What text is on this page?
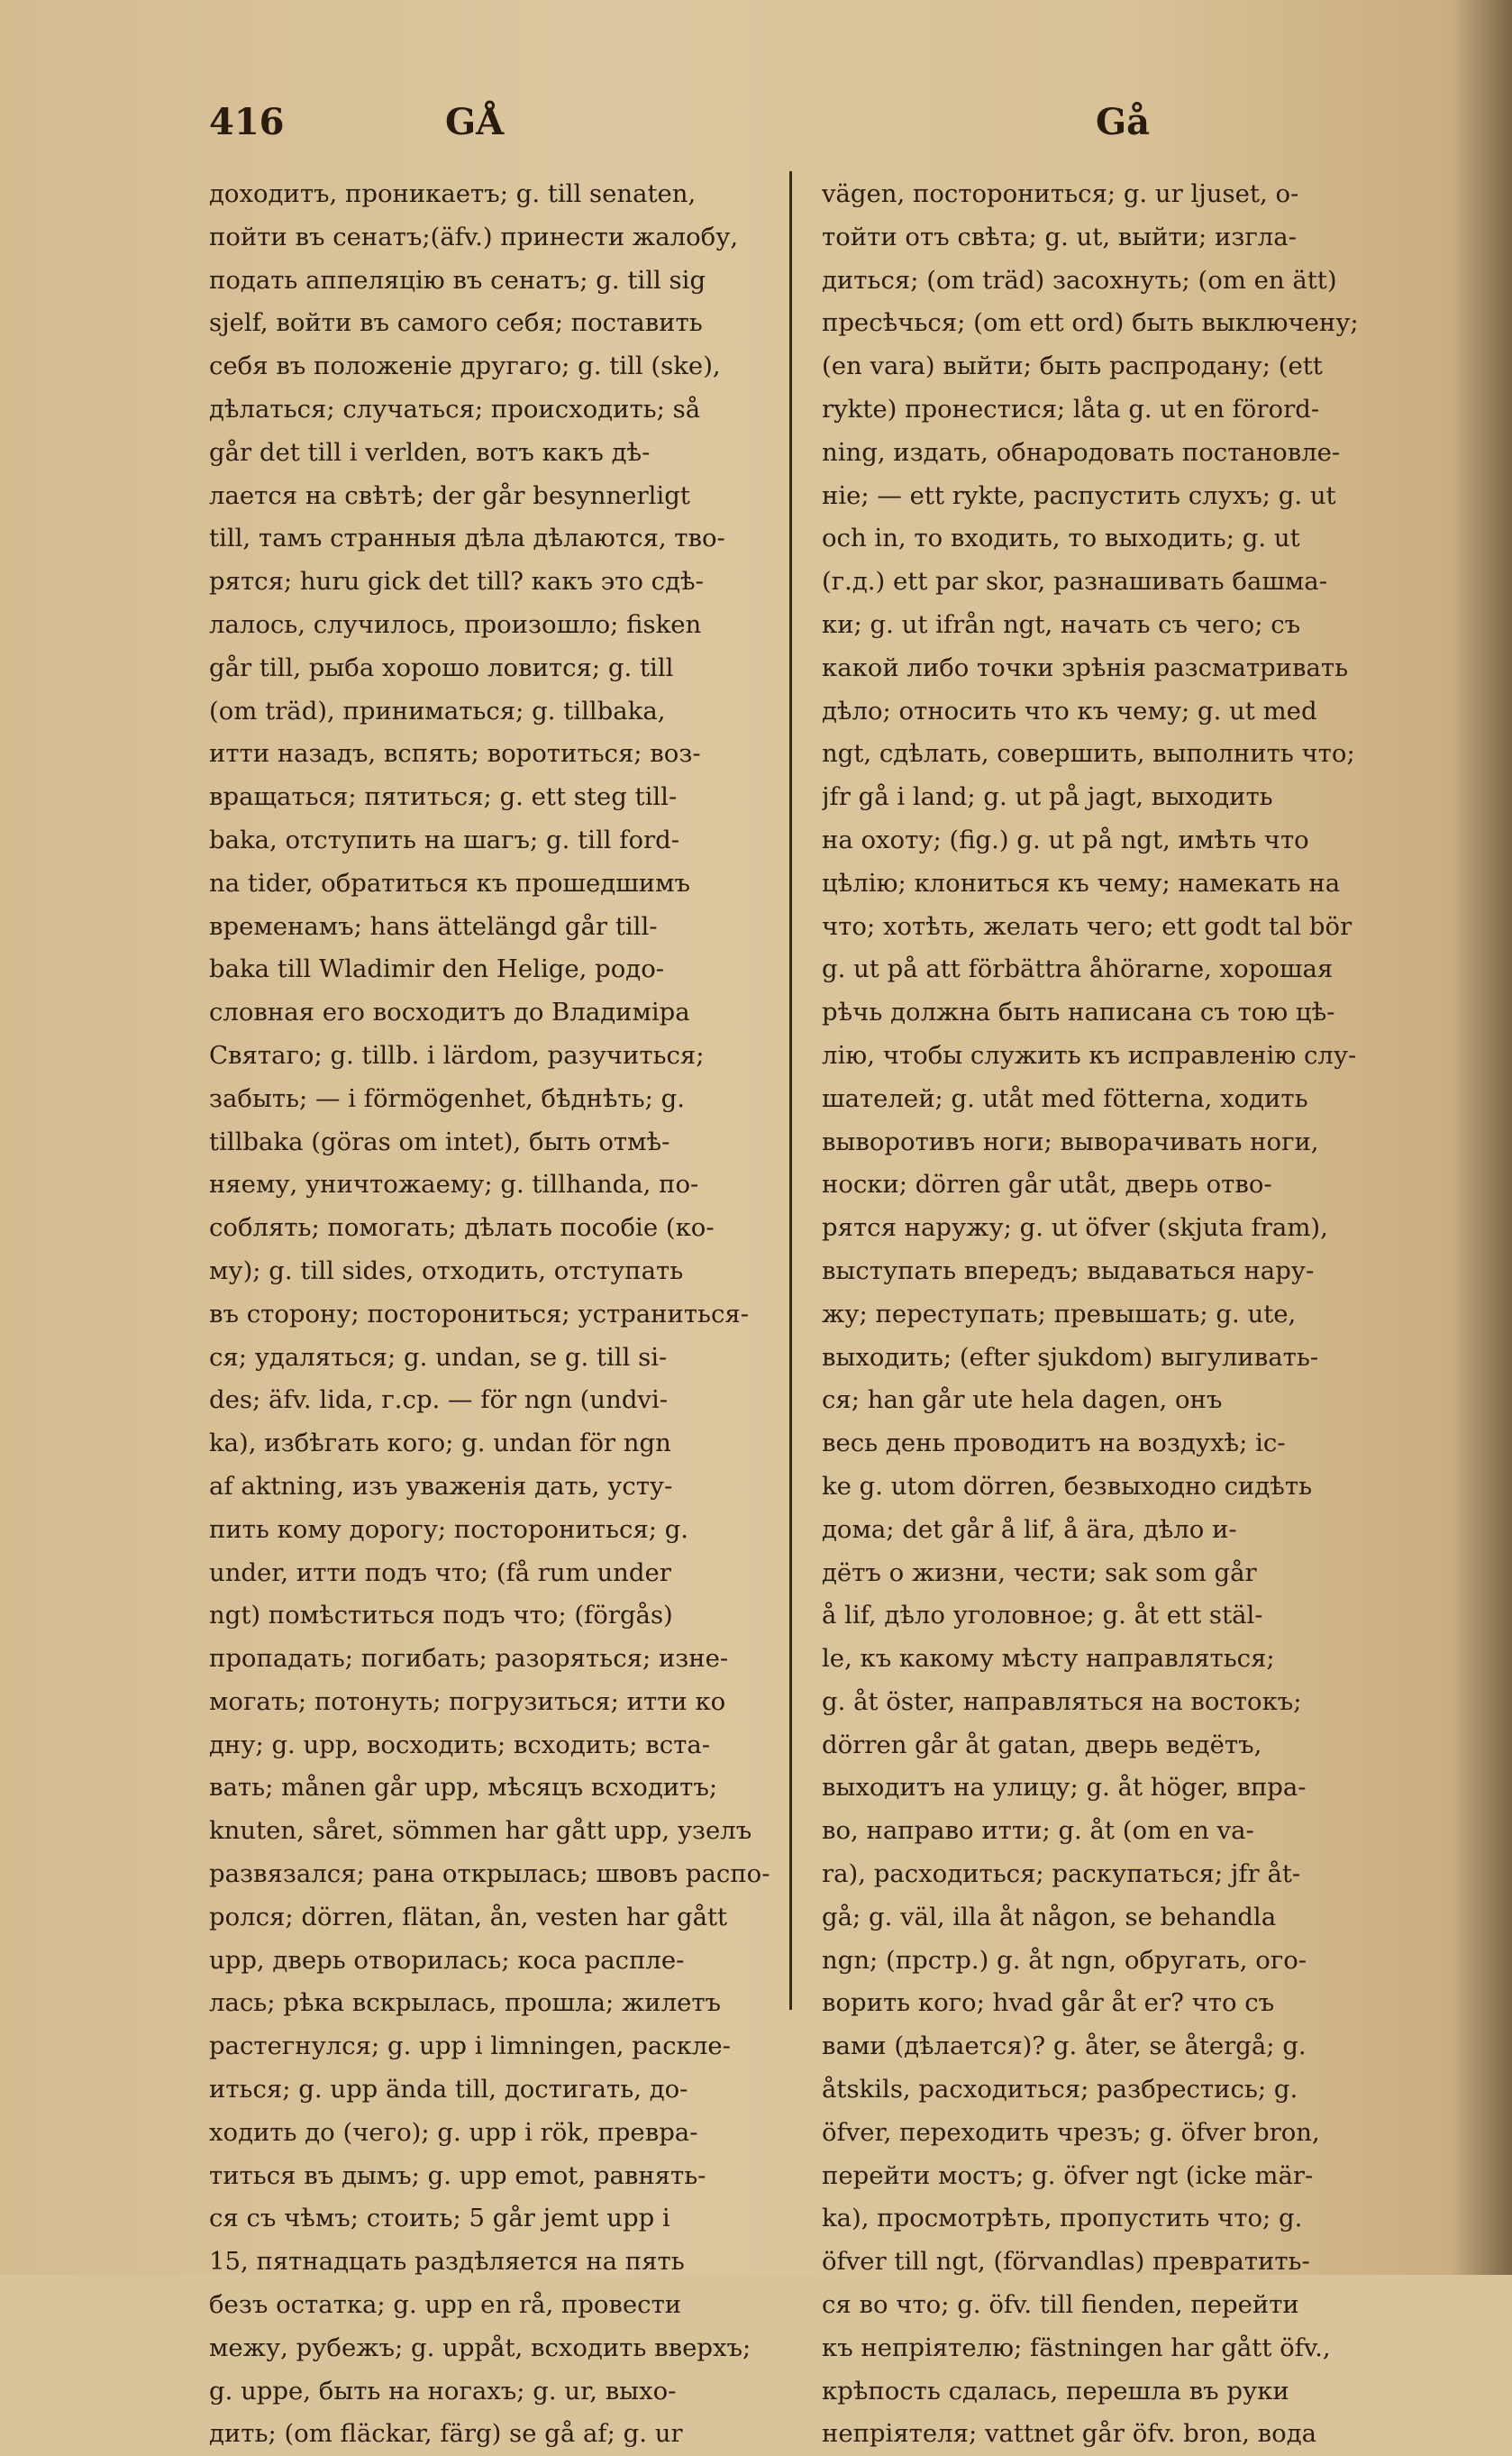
416	GÅ	Gå
доходитъ, проникаетъ; g. till senaten,
пойти въ сенатъ;(äfv.) принести жалобу,
подать аппеляцію въ сенатъ; g. till sig
sjelf, войти въ самого себя; поставить
себя въ положеніе другаго; g. till (ske),
дѣлаться; случаться; происходить; så
går det till i verlden, вотъ какъ дѣ-
лается на свѣтѣ; der går besynnerligt
till, тамъ странныя дѣла дѣлаются, тво-
рятся; huru gick det till? какъ это сдѣ-
лалось, случилось, произошло; fisken
går till, рыба хорошо ловится; g. till
(om träd), приниматься; g. tillbaka,
итти назадъ, вспять; воротиться; воз-
вращаться; пятиться; g. ett steg till-
baka, отступить на шагъ; g. till ford-
na tider, обратиться къ прошедшимъ
временамъ; hans ättelängd går till-
baka till Wladimir den Helige, родо-
словная его восходитъ до Владиміра
Святаго; g. tillb. i lärdom, разучиться;
забыть; — i förmögenhet, бѣднѣть; g.
tillbaka (göras om intet), быть отмѣ-
няему, уничтожаему; g. tillhanda, по-
соблять; помогать; дѣлать пособіе (ко-
му); g. till sides, отходить, отступать
въ сторону; посторониться; устраниться-
ся; удаляться; g. undan, se g. till si-
des; äfv. lida, г.ср. — för ngn (undvi-
ka), избѣгать кого; g. undan för ngn
af aktning, изъ уваженія дать, усту-
пить кому дорогу; посторониться; g.
under, итти подъ что; (få rum under
ngt) помѣститься подъ что; (förgås)
пропадать; погибать; разоряться; изне-
могать; потонуть; погрузиться; итти ко
дну; g. upp, восходить; всходить; вста-
вать; månen går upp, мѣсяцъ всходитъ;
knuten, såret, sömmen har gått upp, узелъ
развязался; рана открылась; швовъ распо-
ролся; dörren, flätan, ån, vesten har gått
upp, дверь отворилась; коса расплe-
лась; рѣка вскрылась, прошла; жилетъ
растегнулся; g. upp i limningen, раскле-
иться; g. upp ända till, достигать, до-
ходить до (чего); g. upp i rök, превра-
титься въ дымъ; g. upp emot, равнять-
ся съ чѣмъ; стоить; 5 går jemt upp i
15, пятнадцать раздѣляется на пять
безъ остатка; g. upp en rå, провести
межу, рубежъ; g. uppåt, всходить вверхъ;
g. uppe, быть на ногахъ; g. ur, выхо-
дить; (om fläckar, färg) se gå af; g. ur
vägen, посторониться; g. ur ljuset, о-
тойти отъ свѣта; g. ut, выйти; изгла-
диться; (om träd) засохнуть; (om en ätt)
пресѣчься; (om ett ord) быть выключену;
(en vara) выйти; быть распродану; (ett
rykte) пронестися; låta g. ut en förord-
ning, издать, обнародовать постановле-
ніе; — ett rykte, распустить слухъ; g. ut
och in, то входить, то выходить; g. ut
(г.д.) ett par skor, разнашивать башма-
ки; g. ut ifrån ngt, начать съ чего; съ
какой либо точки зрѣнія разсматривать
дѣло; относить что къ чему; g. ut med
ngt, сдѣлать, совершить, выполнить что;
jfr gå i land; g. ut på jagt, выходить
на охоту; (fig.) g. ut på ngt, имѣть что
цѣлію; клониться къ чему; намекать на
что; хотѣть, желать чего; ett godt tal bör
g. ut på att förbättra åhörarne, хорошая
рѣчь должна быть написана съ тою цѣ-
лію, чтобы служить къ исправленію слу-
шателей; g. utåt med fötterna, ходить
вывopотивъ ноги; выворачивать ноги,
носки; dörren går utåt, дверь отво-
рятся наружу; g. ut öfver (skjuta fram),
выступать впередъ; выдаваться нару-
жу; переступать; превышать; g. ute,
выходить; (efter sjukdom) выгуливать-
ся; han går ute hela dagen, онъ
весь день проводитъ на воздухѣ; ic-
ke g. utom dörren, безвыходно сидѣть
дома; det går å lif, å ära, дѣло и-
дётъ о жизни, чести; sak som går
å lif, дѣло уголовное; g. åt ett stäl-
le, къ какому мѣсту направляться;
g. åt öster, направляться на востокъ;
dörren går åt gatan, дверь ведётъ,
выходитъ на улицу; g. åt höger, впра-
во, направо итти; g. åt (om en va-
ra), расходиться; раскупаться; jfr åt-
gå; g. väl, illa åt någon, se behandla
ngn; (прстр.) g. åt ngn, обругать, ого-
ворить кого; hvad går åt er? что съ
вами (дѣлается)? g. åter, se återgå; g.
åtskils, расходиться; разбрестись; g.
öfver, переходить чрезъ; g. öfver bron,
перейти мостъ; g. öfver ngt (icke mär-
ka), просмотрѣть, пропустить что; g.
öfver till ngt, (förvandlas) превратить-
ся во что; g. öfv. till fienden, перейти
къ непріятелю; fästningen har gått öfv.,
крѣпость сдалась, перешла въ руки
непріятеля; vattnet går öfv. bron, вода
